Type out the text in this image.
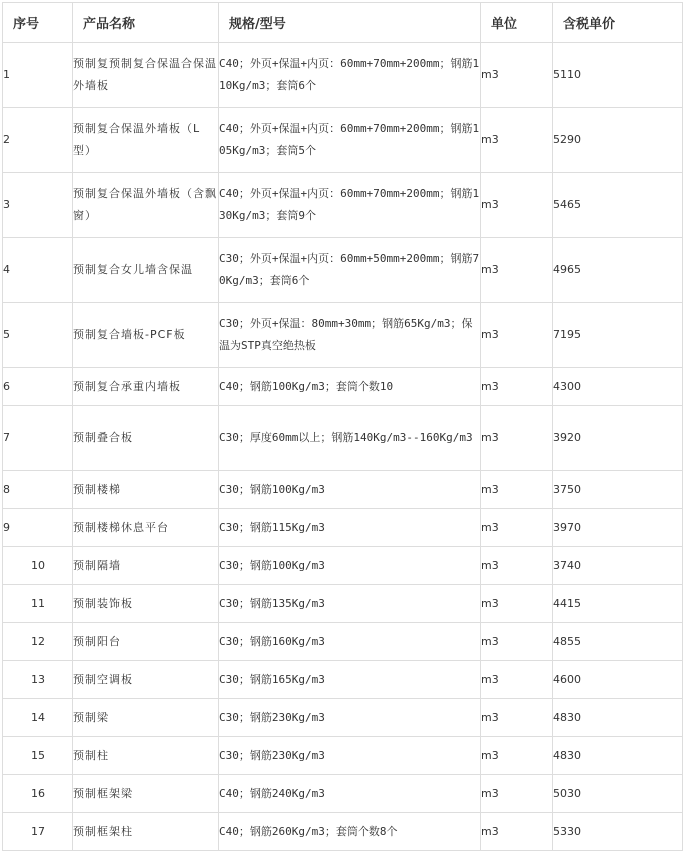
序号	产品名称	规格/型号	单位	含税单价
1	预制复预制复合保温合保温外墙板	C40；外页+保温+内页：60mm+70mm+200mm；钢筋110Kg/m3；套筒6个	m3	5110
2	预制复合保温外墙板（L型）	C40；外页+保温+内页：60mm+70mm+200mm；钢筋105Kg/m3；套筒5个	m3	5290
3	预制复合保温外墙板（含飘窗）	C40；外页+保温+内页：60mm+70mm+200mm；钢筋130Kg/m3；套筒9个	m3	5465
4	预制复合女儿墙含保温	C30；外页+保温+内页：60mm+50mm+200mm；钢筋70Kg/m3；套筒6个	m3	4965
5	预制复合墙板-PCF板	C30；外页+保温：80mm+30mm；钢筋65Kg/m3；保温为STP真空绝热板	m3	7195
6	预制复合承重内墙板	C40；钢筋100Kg/m3；套筒个数10	m3	4300
7	预制叠合板	C30；厚度60mm以上；钢筋140Kg/m3--160Kg/m3	m3	3920
8	预制楼梯	C30；钢筋100Kg/m3	m3	3750
9	预制楼梯休息平台	C30；钢筋115Kg/m3	m3	3970
10	预制隔墙	C30；钢筋100Kg/m3	m3	3740
11	预制装饰板	C30；钢筋135Kg/m3	m3	4415
12	预制阳台	C30；钢筋160Kg/m3	m3	4855
13	预制空调板	C30；钢筋165Kg/m3	m3	4600
14	预制梁	C30；钢筋230Kg/m3	m3	4830
15	预制柱	C30；钢筋230Kg/m3	m3	4830
16	预制框架梁	C40；钢筋240Kg/m3	m3	5030
17	预制框架柱	C40；钢筋260Kg/m3；套筒个数8个	m3	5330
